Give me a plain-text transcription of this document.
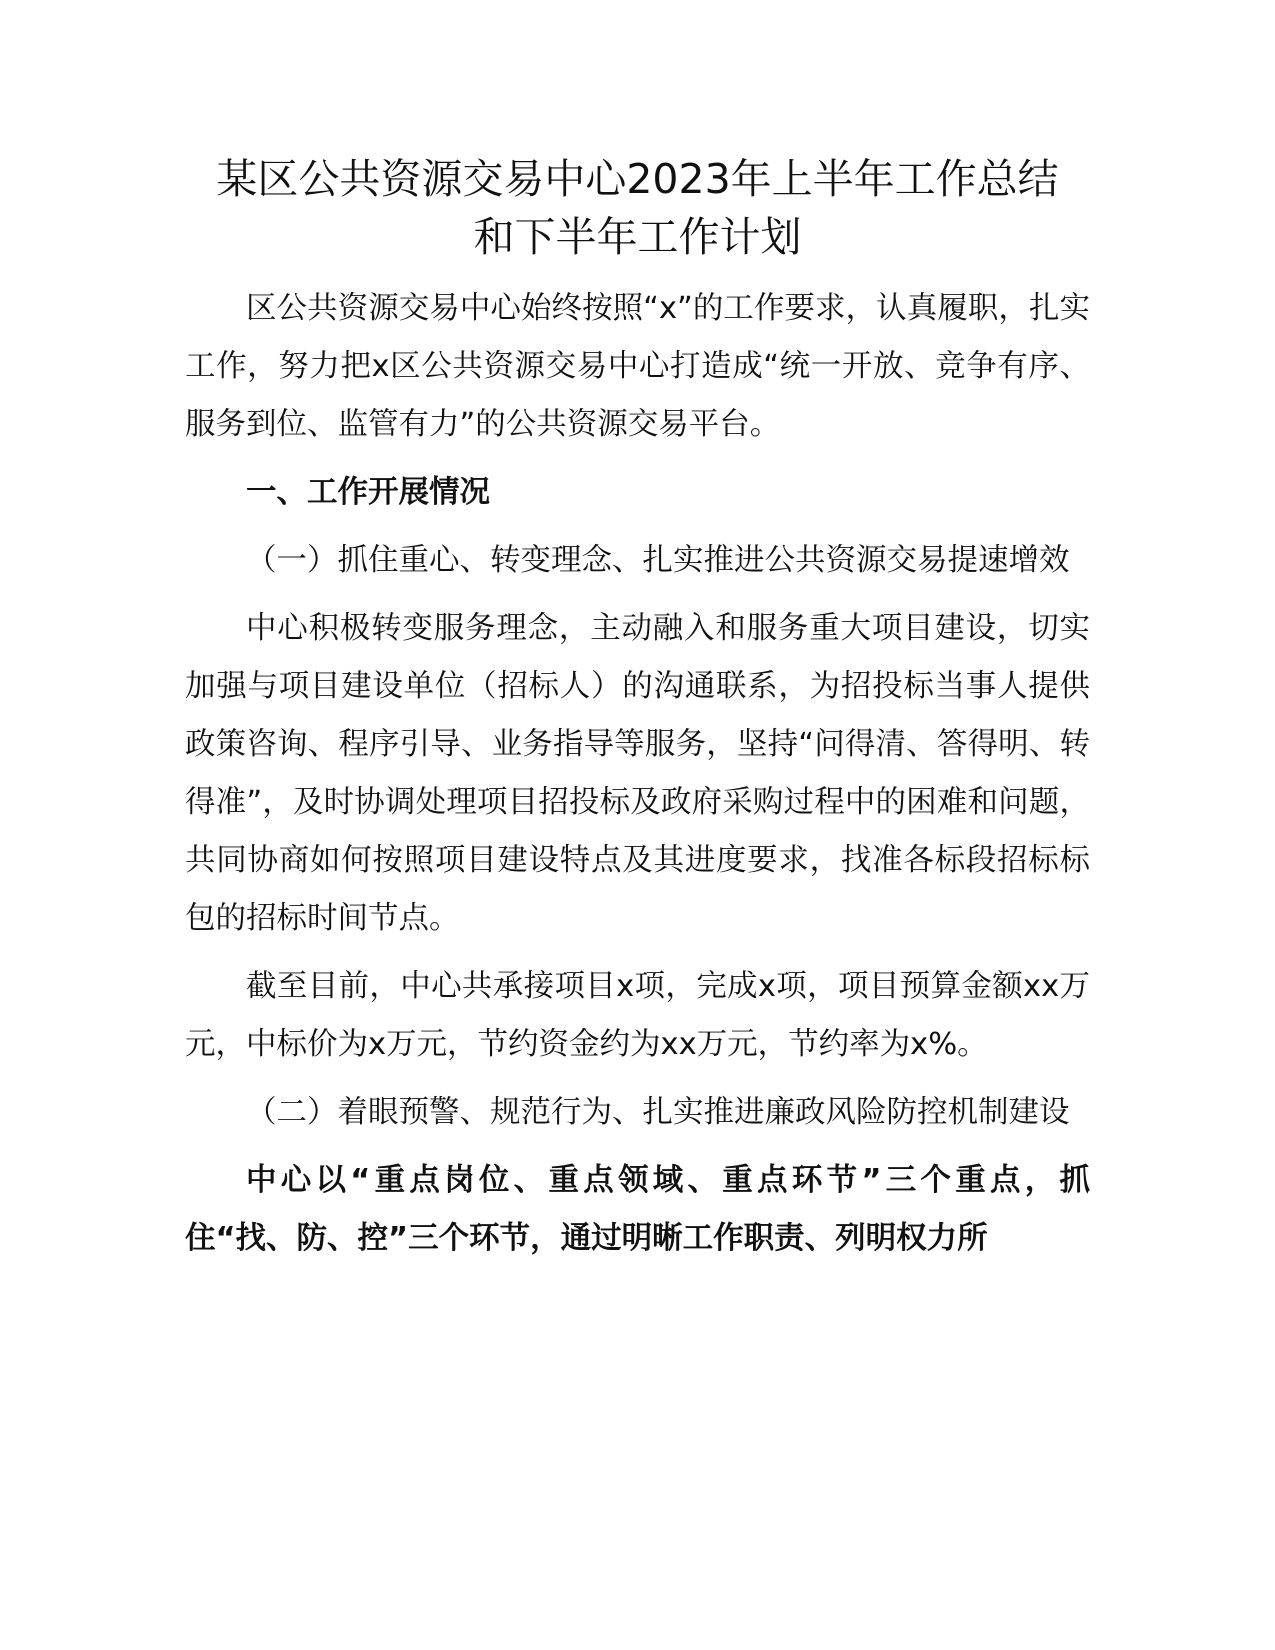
某区公共资源交易中心2023年上半年工作总结
和下半年工作计划

区公共资源交易中心始终按照“x”的工作要求，认真履职，扎实工作，努力把x区公共资源交易中心打造成“统一开放、竞争有序、服务到位、监管有力”的公共资源交易平台。

一、工作开展情况

（一）抓住重心、转变理念、扎实推进公共资源交易提速增效

中心积极转变服务理念，主动融入和服务重大项目建设，切实加强与项目建设单位（招标人）的沟通联系，为招投标当事人提供政策咨询、程序引导、业务指导等服务，坚持“问得清、答得明、转得准”，及时协调处理项目招投标及政府采购过程中的困难和问题，共同协商如何按照项目建设特点及其进度要求，找准各标段招标标包的招标时间节点。

截至目前，中心共承接项目x项，完成x项，项目预算金额xx万元，中标价为x万元，节约资金约为xx万元，节约率为x%。

（二）着眼预警、规范行为、扎实推进廉政风险防控机制建设

中心以“重点岗位、重点领域、重点环节”三个重点，抓住“找、防、控”三个环节，通过明晰工作职责、列明权力所
